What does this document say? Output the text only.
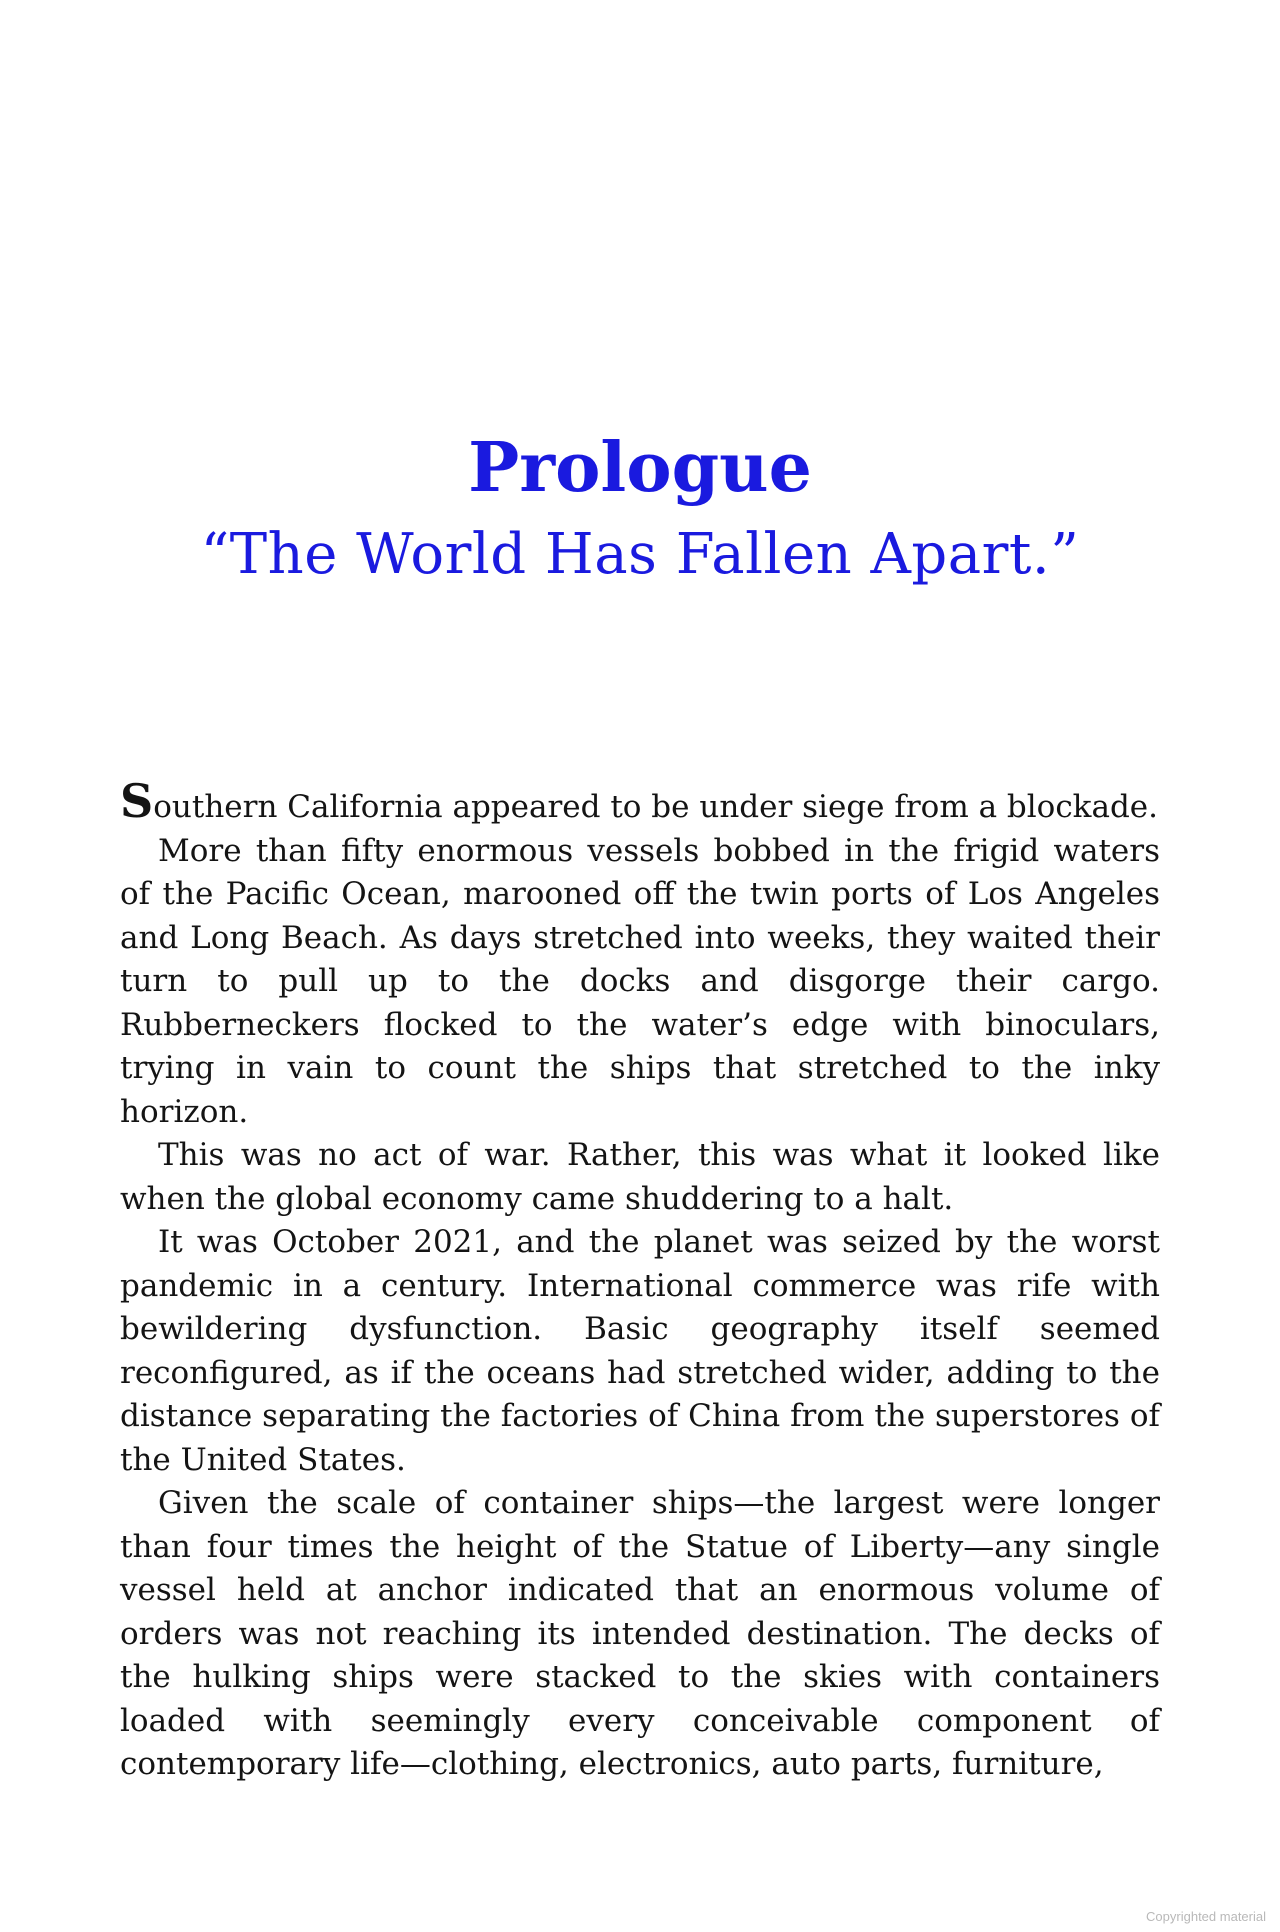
Prologue
“The World Has Fallen Apart.”

Southern California appeared to be under siege from a blockade.

More than fifty enormous vessels bobbed in the frigid waters of the Pacific Ocean, marooned off the twin ports of Los Angeles and Long Beach. As days stretched into weeks, they waited their turn to pull up to the docks and disgorge their cargo. Rubberneckers flocked to the water’s edge with binoculars, trying in vain to count the ships that stretched to the inky horizon.

This was no act of war. Rather, this was what it looked like when the global economy came shuddering to a halt.

It was October 2021, and the planet was seized by the worst pandemic in a century. International commerce was rife with bewildering dysfunction. Basic geography itself seemed reconfigured, as if the oceans had stretched wider, adding to the distance separating the factories of China from the superstores of the United States.

Given the scale of container ships—the largest were longer than four times the height of the Statue of Liberty—any single vessel held at anchor indicated that an enormous volume of orders was not reaching its intended destination. The decks of the hulking ships were stacked to the skies with containers loaded with seemingly every conceivable component of contemporary life—clothing, electronics, auto parts, furniture,

Copyrighted material
